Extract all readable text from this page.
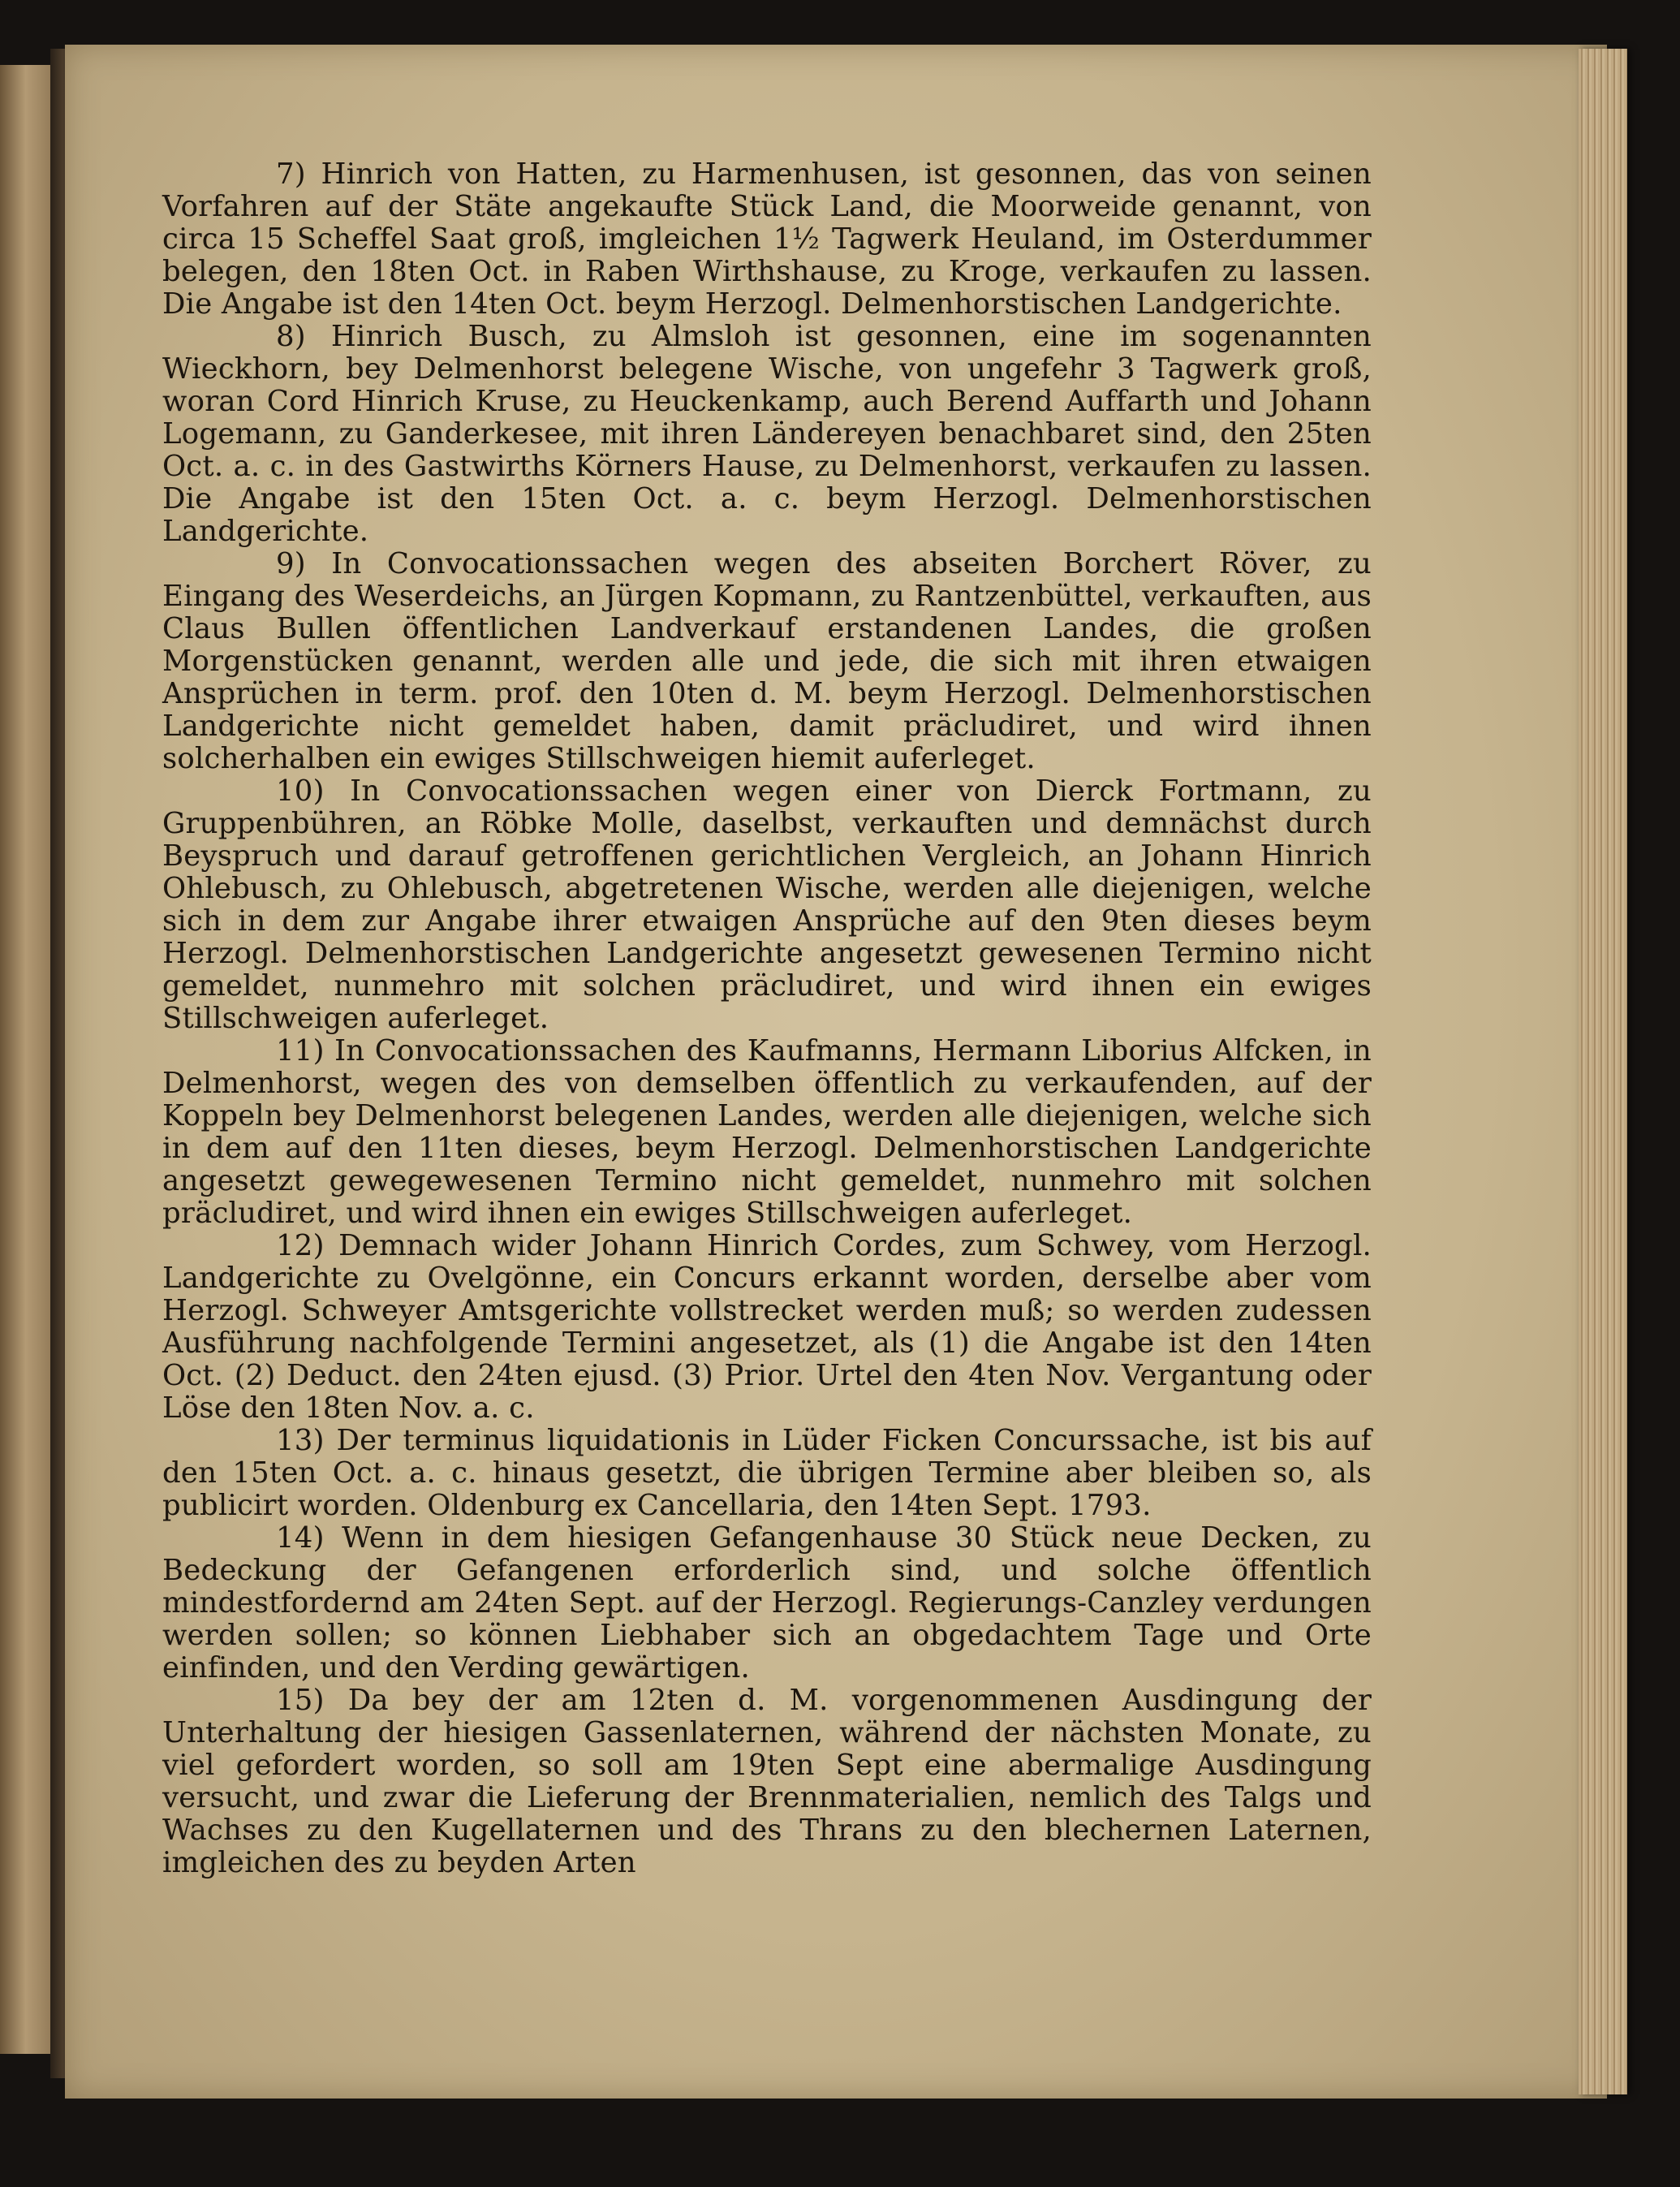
7) Hinrich von Hatten, zu Harmenhusen, ist gesonnen, das von seinen Vorfahren auf der Stäte angekaufte Stück Land, die Moorweide genannt, von circa 15 Scheffel Saat groß, imgleichen 1½ Tagwerk Heuland, im Osterdummer belegen, den 18ten Oct. in Raben Wirthshause, zu Kroge, verkaufen zu lassen. Die Angabe ist den 14ten Oct. beym Herzogl. Delmenhorstischen Landgerichte.

8) Hinrich Busch, zu Almsloh ist gesonnen, eine im sogenannten Wieckhorn, bey Delmenhorst belegene Wische, von ungefehr 3 Tagwerk groß, woran Cord Hinrich Kruse, zu Heuckenkamp, auch Berend Auffarth und Johann Logemann, zu Ganderkesee, mit ihren Ländereyen benachbaret sind, den 25ten Oct. a. c. in des Gastwirths Körners Hause, zu Delmenhorst, verkaufen zu lassen. Die Angabe ist den 15ten Oct. a. c. beym Herzogl. Delmenhorstischen Landgerichte.

9) In Convocationssachen wegen des abseiten Borchert Röver, zu Eingang des Weserdeichs, an Jürgen Kopmann, zu Rantzenbüttel, verkauften, aus Claus Bullen öffentlichen Landverkauf erstandenen Landes, die großen Morgenstücken genannt, werden alle und jede, die sich mit ihren etwaigen Ansprüchen in term. prof. den 10ten d. M. beym Herzogl. Delmenhorstischen Landgerichte nicht gemeldet haben, damit präcludiret, und wird ihnen solcherhalben ein ewiges Stillschweigen hiemit auferleget.

10) In Convocationssachen wegen einer von Dierck Fortmann, zu Gruppenbühren, an Röbke Molle, daselbst, verkauften und demnächst durch Beyspruch und darauf getroffenen gerichtlichen Vergleich, an Johann Hinrich Ohlebusch, zu Ohlebusch, abgetretenen Wische, werden alle diejenigen, welche sich in dem zur Angabe ihrer etwaigen Ansprüche auf den 9ten dieses beym Herzogl. Delmenhorstischen Landgerichte angesetzt gewesenen Termino nicht gemeldet, nunmehro mit solchen präcludiret, und wird ihnen ein ewiges Stillschweigen auferleget.

11) In Convocationssachen des Kaufmanns, Hermann Liborius Alfcken, in Delmenhorst, wegen des von demselben öffentlich zu verkaufenden, auf der Koppeln bey Delmenhorst belegenen Landes, werden alle diejenigen, welche sich in dem auf den 11ten dieses, beym Herzogl. Delmenhorstischen Landgerichte angesetzt gewegewesenen Termino nicht gemeldet, nunmehro mit solchen präcludiret, und wird ihnen ein ewiges Stillschweigen auferleget.

12) Demnach wider Johann Hinrich Cordes, zum Schwey, vom Herzogl. Landgerichte zu Ovelgönne, ein Concurs erkannt worden, derselbe aber vom Herzogl. Schweyer Amtsgerichte vollstrecket werden muß; so werden zudessen Ausführung nachfolgende Termini angesetzet, als (1) die Angabe ist den 14ten Oct. (2) Deduct. den 24ten ejusd. (3) Prior. Urtel den 4ten Nov. Vergantung oder Löse den 18ten Nov. a. c.

13) Der terminus liquidationis in Lüder Ficken Concurssache, ist bis auf den 15ten Oct. a. c. hinaus gesetzt, die übrigen Termine aber bleiben so, als publicirt worden. Oldenburg ex Cancellaria, den 14ten Sept. 1793.

14) Wenn in dem hiesigen Gefangenhause 30 Stück neue Decken, zu Bedeckung der Gefangenen erforderlich sind, und solche öffentlich mindestfordernd am 24ten Sept. auf der Herzogl. Regierungs-Canzley verdungen werden sollen; so können Liebhaber sich an obgedachtem Tage und Orte einfinden, und den Verding gewärtigen.

15) Da bey der am 12ten d. M. vorgenommenen Ausdingung der Unterhaltung der hiesigen Gassenlaternen, während der nächsten Monate, zu viel gefordert worden, so soll am 19ten Sept eine abermalige Ausdingung versucht, und zwar die Lieferung der Brennmaterialien, nemlich des Talgs und Wachses zu den Kugellaternen und des Thrans zu den blechernen Laternen, imgleichen des zu beyden Arten
